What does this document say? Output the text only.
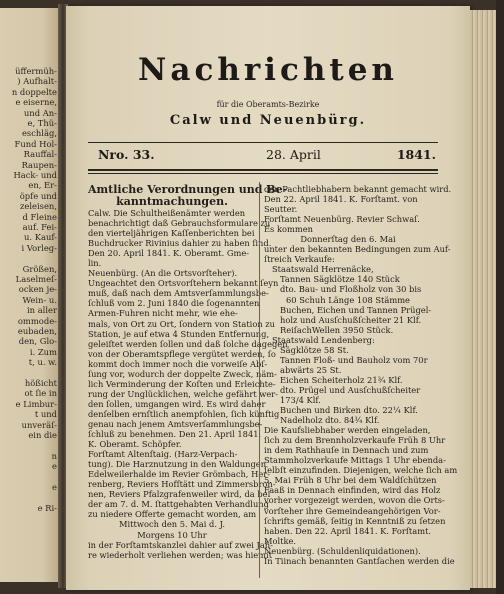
üffermüh-
) Aufhalt-
n doppelte
e eiserne,
und An-
e, Thü-
eschläg,
Fund Hol-
Rauffal-
Raupen-
Hack- und
en, Er-
öpfe und
zeleisen,
d Fleine
auf. Fei-
u. Kauf-
i Vorleg-
Größen,
Laselmeſ-
ocken je-
Wein- u.
in aller
ommode-
eubaden,
den, Glo-
i. Zum
t, u. w.
hößicht
ot ſie in
e Limbur-
t und
unveräſ-
ein die
n
e
e
e Ri-
Nachrichten
für die Oberamts-Bezirke
Calw und Neuenbürg.
Nro. 33.	28. April	1841.
Amtliche Verordnungen und Be-
kanntmachungen.
Calw. Die Schultheißenämter werden
benachrichtigt daß Gebrauchsformulare zu
den vierteljährigen Kaſſenberichten bei
Buchdrucker Rivinius dahier zu haben ſind.
Den 20. April 1841. K. Oberamt. Gme-
lin.
Neuenbürg. (An die Ortsvorſteher).
Ungeachtet den Ortsvorſtehern bekannt ſeyn
muß, daß nach dem Amtsverſammlungsbe-
ſchluß vom 2. Juni 1840 die ſogenannten
Armen-Fuhren nicht mehr, wie ehe-
mals, von Ort zu Ort, ſondern von Station zu
Station, je auf etwa 4 Stunden Entfernung,
geleiſtet werden ſollen und daß ſolche dagegen
von der Oberamtspflege vergütet werden, ſo
kommt doch immer noch die vorweiſe Abſ-
ſung vor, wodurch der doppelte Zweck, näm-
lich Verminderung der Koſten und Erleichte-
rung der Unglücklichen, welche gefährt wer-
den ſollen, umgangen wird. Es wird daher
denſelben ernſtlich anempfohlen, ſich künftig
genau nach jenem Amtsverſammlungsbe-
ſchluß zu benehmen. Den 21. April 1841.
K. Oberamt. Schöpfer.
Forſtamt Altenſtaig. (Harz-Verpach-
tung). Die Harznutzung in den Waldungen
Edelweilerhalde im Revier Grömbach, Her-
renberg, Reviers Hofſtätt und Zimmersbron-
nen, Reviers Pfalzgrafenweiler wird, da bei
der am 7. d. M. ſtattgehabten Verhandlung
zu niedere Offerte gemacht worden, am
Mittwoch den 5. Mai d. J.
Morgens 10 Uhr
in der Forſtamtskanzlei dahier auf zwei Jah-
re wiederholt verliehen werden; was hiemit
den Pachtliebhabern bekannt gemacht wird.
Den 22. April 1841. K. Forſtamt. von
Seutter.
Forſtamt Neuenbürg. Revier Schwaſ.
Es kommen
Donnerſtag den 6. Mai
unter den bekannten Bedingungen zum Auf-
ſtreich Verkaufe:
Staatswald Herrenäcke,
Tannen Sägklötze 140 Stück
dto. Bau- und Floßholz von 30 bis
60 Schuh Länge 108 Stämme
Buchen, Eichen und Tannen Prügel-
holz und Ausſchußſcheiter 21 Klf.
ReiſachWellen 3950 Stück.
Staatswald Lendenberg:
Sägklötze 58 St.
Tannen Floß- und Bauholz vom 70r
abwärts 25 St.
Eichen Scheiterholz 21¾ Klf.
dto. Prügel und Ausſchußſcheiter
173/4 Klf.
Buchen und Birken dto. 22¼ Klf.
Nadelholz dto. 84¾ Klf.
Die Kaufsliebhaber werden eingeladen,
ſich zu dem Brennholzverkaufe Früh 8 Uhr
in dem Rathhauſe in Dennach und zum
Stammholzverkaufe Mittags 1 Uhr ebenda-
ſelbſt einzufinden. Diejenigen, welche ſich am
5. Mai Früh 8 Uhr bei dem Waldſchützen
Faaß in Dennach einfinden, wird das Holz
vorher vorgezeigt werden, wovon die Orts-
vorſteher ihre Gemeindeangehörigen Vor-
ſchrifts gemäß, ſeitig in Kenntniß zu ſetzen
haben. Den 22. April 1841. K. Forſtamt.
Moltke.
Neuenbürg. (Schuldenliquidationen).
In Tiinach benannten Gantſachen werden die
